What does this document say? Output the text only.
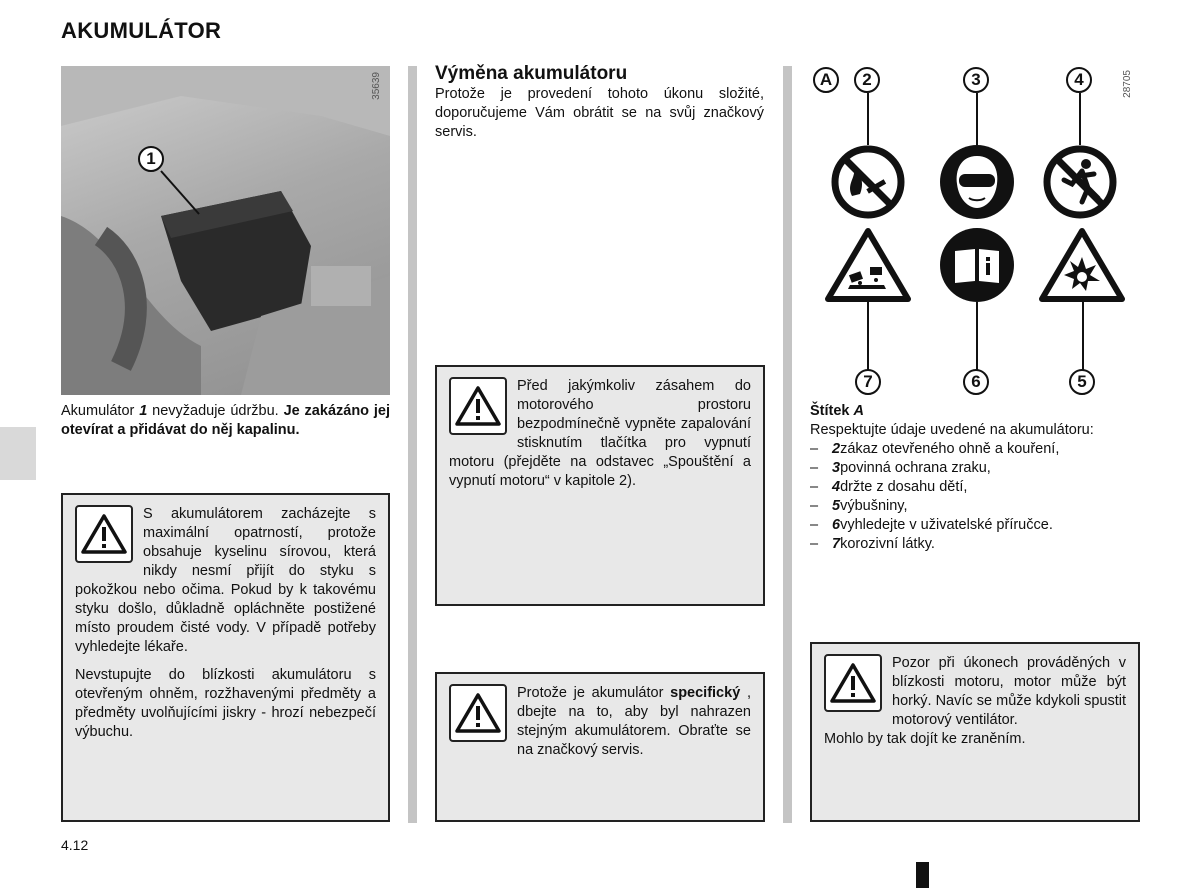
AKUMULÁTOR
1
35639
Akumulátor 1 nevyžaduje údržbu. Je zakázáno jej otevírat a přidávat do něj kapalinu.
S akumulátorem zacházejte s maximální opatrností, protože obsahuje kyselinu sírovou, která nikdy nesmí přijít do styku s pokožkou nebo očima. Pokud by k takovému styku došlo, důkladně opláchněte postižené místo proudem čisté vody. V případě potřeby vyhledejte lékaře.
Nevstupujte do blízkosti akumulátoru s otevřeným ohněm, rozžhavenými předměty a předměty uvolňujícími jiskry - hrozí nebezpečí výbuchu.
Výměna akumulátoru
Protože je provedení tohoto úkonu složité, doporučujeme Vám obrátit se na svůj značkový servis.
Před jakýmkoliv zásahem do motorového prostoru bezpodmínečně vypněte zapalování stisknutím tlačítka pro vypnutí motoru (přejděte na odstavec „Spouštění a vypnutí motoru“ v kapitole 2).
Protože je akumulátor specifický , dbejte na to, aby byl nahrazen stejným akumulátorem. Obraťte se na značkový servis.
A	2	3	4	28705
7	6	5
Štítek A
Respektujte údaje uvedené na akumulátoru:
– 2 zákaz otevřeného ohně a kouření,
– 3 povinná ochrana zraku,
– 4 držte z dosahu dětí,
– 5 výbušniny,
– 6 vyhledejte v uživatelské příručce.
– 7 korozivní látky.
Pozor při úkonech prováděných v blízkosti motoru, motor může být horký. Navíc se může kdykoli spustit motorový ventilátor.
Mohlo by tak dojít ke zraněním.
4.12
